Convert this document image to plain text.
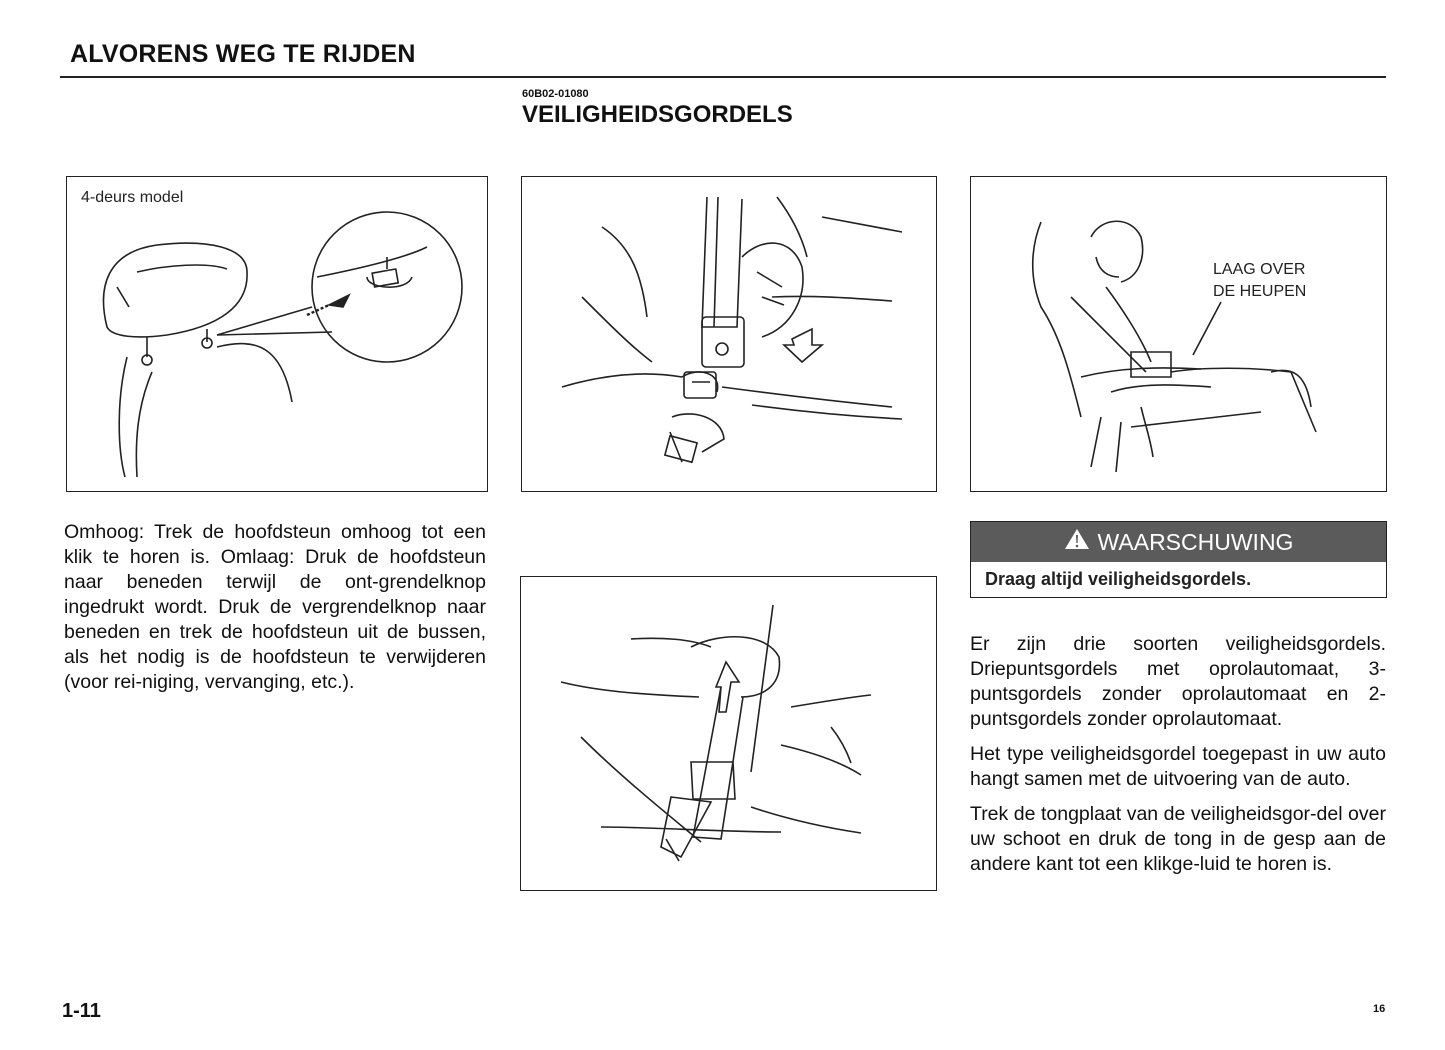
ALVORENS WEG TE RIJDEN
60B02-01080
VEILIGHEIDSGORDELS
4-deurs model
LAAG OVER
DE HEUPEN

Omhoog: Trek de hoofdsteun omhoog tot een klik te horen is. Omlaag: Druk de hoofdsteun naar beneden terwijl de ont-grendelknop ingedrukt wordt. Druk de vergrendelknop naar beneden en trek de hoofdsteun uit de bussen, als het nodig is de hoofdsteun te verwijderen (voor rei-niging, vervanging, etc.).

WAARSCHUWING
Draag altijd veiligheidsgordels.

Er zijn drie soorten veiligheidsgordels. Driepuntsgordels met oprolautomaat, 3-puntsgordels zonder oprolautomaat en 2-puntsgordels zonder oprolautomaat.

Het type veiligheidsgordel toegepast in uw auto hangt samen met de uitvoering van de auto.

Trek de tongplaat van de veiligheidsgor-del over uw schoot en druk de tong in de gesp aan de andere kant tot een klikge-luid te horen is.

1-11	16
